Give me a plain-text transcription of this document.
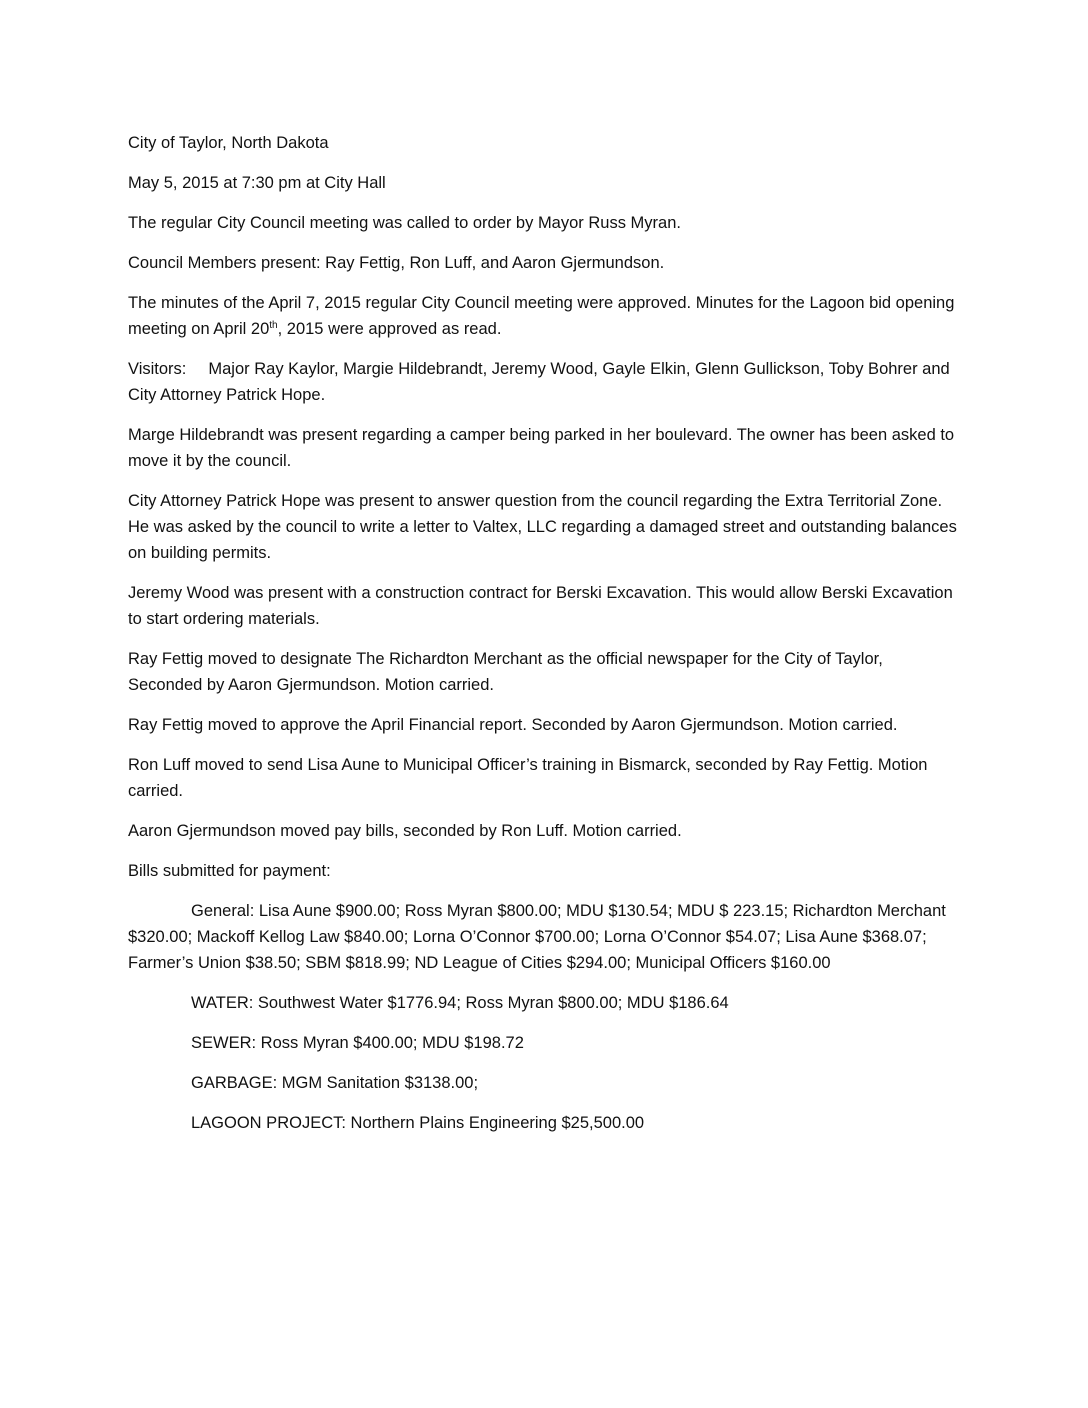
City of Taylor, North Dakota

May 5, 2015 at 7:30 pm at City Hall

The regular City Council meeting was called to order by Mayor Russ Myran.

Council Members present: Ray Fettig, Ron Luff, and Aaron Gjermundson.

The minutes of the April 7, 2015 regular City Council meeting were approved. Minutes for the Lagoon bid opening meeting on April 20th, 2015 were approved as read.

Visitors: Major Ray Kaylor, Margie Hildebrandt, Jeremy Wood, Gayle Elkin, Glenn Gullickson, Toby Bohrer and City Attorney Patrick Hope.

Marge Hildebrandt was present regarding a camper being parked in her boulevard. The owner has been asked to move it by the council.

City Attorney Patrick Hope was present to answer question from the council regarding the Extra Territorial Zone. He was asked by the council to write a letter to Valtex, LLC regarding a damaged street and outstanding balances on building permits.

Jeremy Wood was present with a construction contract for Berski Excavation. This would allow Berski Excavation to start ordering materials.

Ray Fettig moved to designate The Richardton Merchant as the official newspaper for the City of Taylor, Seconded by Aaron Gjermundson. Motion carried.

Ray Fettig moved to approve the April Financial report. Seconded by Aaron Gjermundson. Motion carried.

Ron Luff moved to send Lisa Aune to Municipal Officer’s training in Bismarck, seconded by Ray Fettig. Motion carried.

Aaron Gjermundson moved pay bills, seconded by Ron Luff. Motion carried.

Bills submitted for payment:

General: Lisa Aune $900.00; Ross Myran $800.00; MDU $130.54; MDU $ 223.15; Richardton Merchant $320.00; Mackoff Kellog Law $840.00; Lorna O’Connor $700.00; Lorna O’Connor $54.07; Lisa Aune $368.07; Farmer’s Union $38.50; SBM $818.99; ND League of Cities $294.00; Municipal Officers $160.00

WATER: Southwest Water $1776.94; Ross Myran $800.00; MDU $186.64

SEWER: Ross Myran $400.00; MDU $198.72

GARBAGE: MGM Sanitation $3138.00;

LAGOON PROJECT: Northern Plains Engineering $25,500.00
